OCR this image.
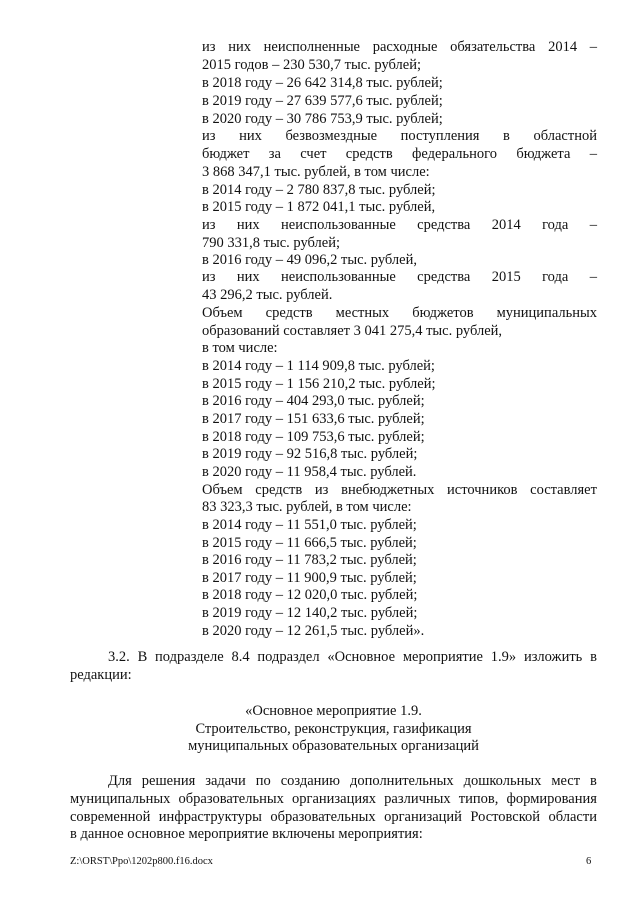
из них неисполненные расходные обязательства 2014 –
2015 годов – 230 530,7 тыс. рублей;
в 2018 году – 26 642 314,8 тыс. рублей;
в 2019 году – 27 639 577,6 тыс. рублей;
в 2020 году – 30 786 753,9 тыс. рублей;
из них безвозмездные поступления в областной
бюджет за счет средств федерального бюджета –
3 868 347,1 тыс. рублей, в том числе:
в 2014 году – 2 780 837,8 тыс. рублей;
в 2015 году – 1 872 041,1 тыс. рублей,
из них неиспользованные средства 2014 года –
790 331,8 тыс. рублей;
в 2016 году – 49 096,2 тыс. рублей,
из них неиспользованные средства 2015 года –
43 296,2 тыс. рублей.
Объем средств местных бюджетов муниципальных
образований составляет 3 041 275,4 тыс. рублей,
в том числе:
в 2014 году – 1 114 909,8 тыс. рублей;
в 2015 году – 1 156 210,2 тыс. рублей;
в 2016 году – 404 293,0 тыс. рублей;
в 2017 году – 151 633,6 тыс. рублей;
в 2018 году – 109 753,6 тыс. рублей;
в 2019 году – 92 516,8 тыс. рублей;
в 2020 году – 11 958,4 тыс. рублей.
Объем средств из внебюджетных источников составляет
83 323,3 тыс. рублей, в том числе:
в 2014 году – 11 551,0 тыс. рублей;
в 2015 году – 11 666,5 тыс. рублей;
в 2016 году – 11 783,2 тыс. рублей;
в 2017 году – 11 900,9 тыс. рублей;
в 2018 году – 12 020,0 тыс. рублей;
в 2019 году – 12 140,2 тыс. рублей;
в 2020 году – 12 261,5 тыс. рублей».
3.2. В подразделе 8.4 подраздел «Основное мероприятие 1.9» изложить в
редакции:
«Основное мероприятие 1.9.
Строительство, реконструкция, газификация
муниципальных образовательных организаций
Для решения задачи по созданию дополнительных дошкольных мест в
муниципальных образовательных организациях различных типов, формирования
современной инфраструктуры образовательных организаций Ростовской области
в данное основное мероприятие включены мероприятия:
Z:\ORST\Ppo\1202p800.f16.docx	6
